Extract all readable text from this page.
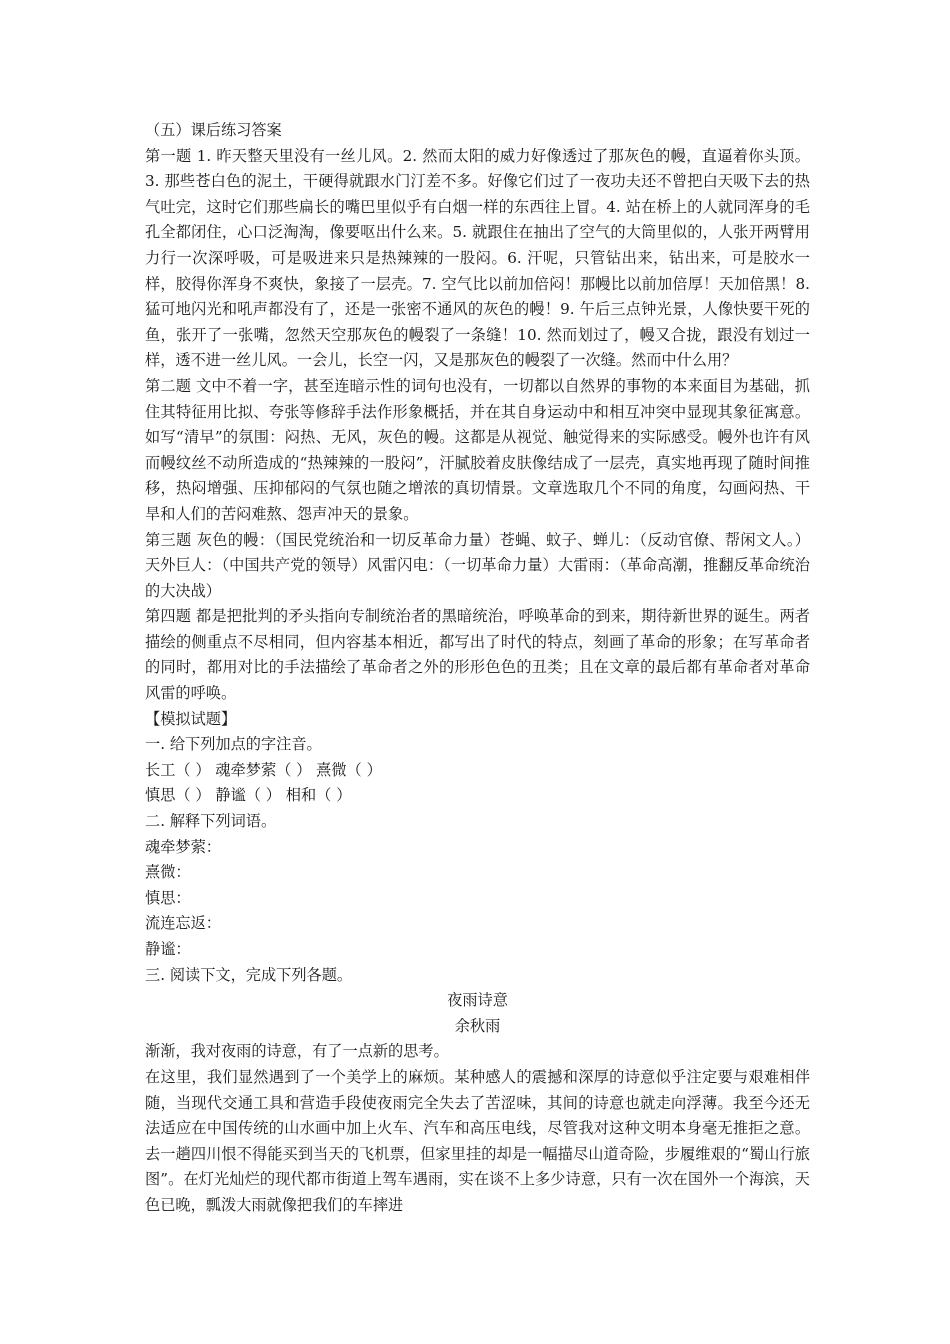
（五）课后练习答案

第一题 1. 昨天整天里没有一丝儿风。2. 然而太阳的威力好像透过了那灰色的幔，直逼着你头顶。3. 那些苍白色的泥土，干硬得就跟水门汀差不多。好像它们过了一夜功夫还不曾把白天吸下去的热气吐完，这时它们那些扁长的嘴巴里似乎有白烟一样的东西往上冒。4. 站在桥上的人就同浑身的毛孔全都闭住，心口泛淘淘，像要呕出什么来。5. 就跟住在抽出了空气的大筒里似的，人张开两臂用力行一次深呼吸，可是吸进来只是热辣辣的一股闷。6. 汗呢，只管钻出来，钻出来，可是胶水一样，胶得你浑身不爽快，象接了一层壳。7. 空气比以前加倍闷！那幔比以前加倍厚！天加倍黑！8. 猛可地闪光和吼声都没有了，还是一张密不通风的灰色的幔！9. 午后三点钟光景，人像快要干死的鱼，张开了一张嘴，忽然天空那灰色的幔裂了一条缝！10. 然而划过了，幔又合拢，跟没有划过一样，透不进一丝儿风。一会儿，长空一闪，又是那灰色的幔裂了一次缝。然而中什么用？

第二题 文中不着一字，甚至连暗示性的词句也没有，一切都以自然界的事物的本来面目为基础，抓住其特征用比拟、夸张等修辞手法作形象概括，并在其自身运动中和相互冲突中显现其象征寓意。如写“清早”的氛围：闷热、无风，灰色的幔。这都是从视觉、触觉得来的实际感受。幔外也许有风而幔纹丝不动所造成的“热辣辣的一股闷”，汗腻胶着皮肤像结成了一层壳，真实地再现了随时间推移，热闷增强、压抑郁闷的气氛也随之增浓的真切情景。文章选取几个不同的角度，勾画闷热、干旱和人们的苦闷难熬、怨声冲天的景象。

第三题 灰色的幔：（国民党统治和一切反革命力量）苍蝇、蚊子、蝉儿：（反动官僚、帮闲文人。）天外巨人：（中国共产党的领导）风雷闪电：（一切革命力量）大雷雨：（革命高潮，推翻反革命统治的大决战）

第四题 都是把批判的矛头指向专制统治者的黑暗统治，呼唤革命的到来，期待新世界的诞生。两者描绘的侧重点不尽相同，但内容基本相近，都写出了时代的特点，刻画了革命的形象；在写革命者的同时，都用对比的手法描绘了革命者之外的形形色色的丑类；且在文章的最后都有革命者对革命风雷的呼唤。

【模拟试题】

一. 给下列加点的字注音。

长工（ ） 魂牵梦萦（ ） 熹微（ ）

慎思（ ） 静谧（ ） 相和（ ）

二. 解释下列词语。

魂牵梦萦：

熹微：

慎思：

流连忘返：

静谧：

三. 阅读下文，完成下列各题。

夜雨诗意

余秋雨

渐渐，我对夜雨的诗意，有了一点新的思考。

在这里，我们显然遇到了一个美学上的麻烦。某种感人的震撼和深厚的诗意似乎注定要与艰难相伴随，当现代交通工具和营造手段使夜雨完全失去了苦涩味，其间的诗意也就走向浮薄。我至今还无法适应在中国传统的山水画中加上火车、汽车和高压电线，尽管我对这种文明本身毫无推拒之意。去一趟四川恨不得能买到当天的飞机票，但家里挂的却是一幅描尽山道奇险，步履维艰的“蜀山行旅图”。在灯光灿烂的现代都市街道上驾车遇雨，实在谈不上多少诗意，只有一次在国外一个海滨，天色已晚，瓢泼大雨就像把我们的车摔进
